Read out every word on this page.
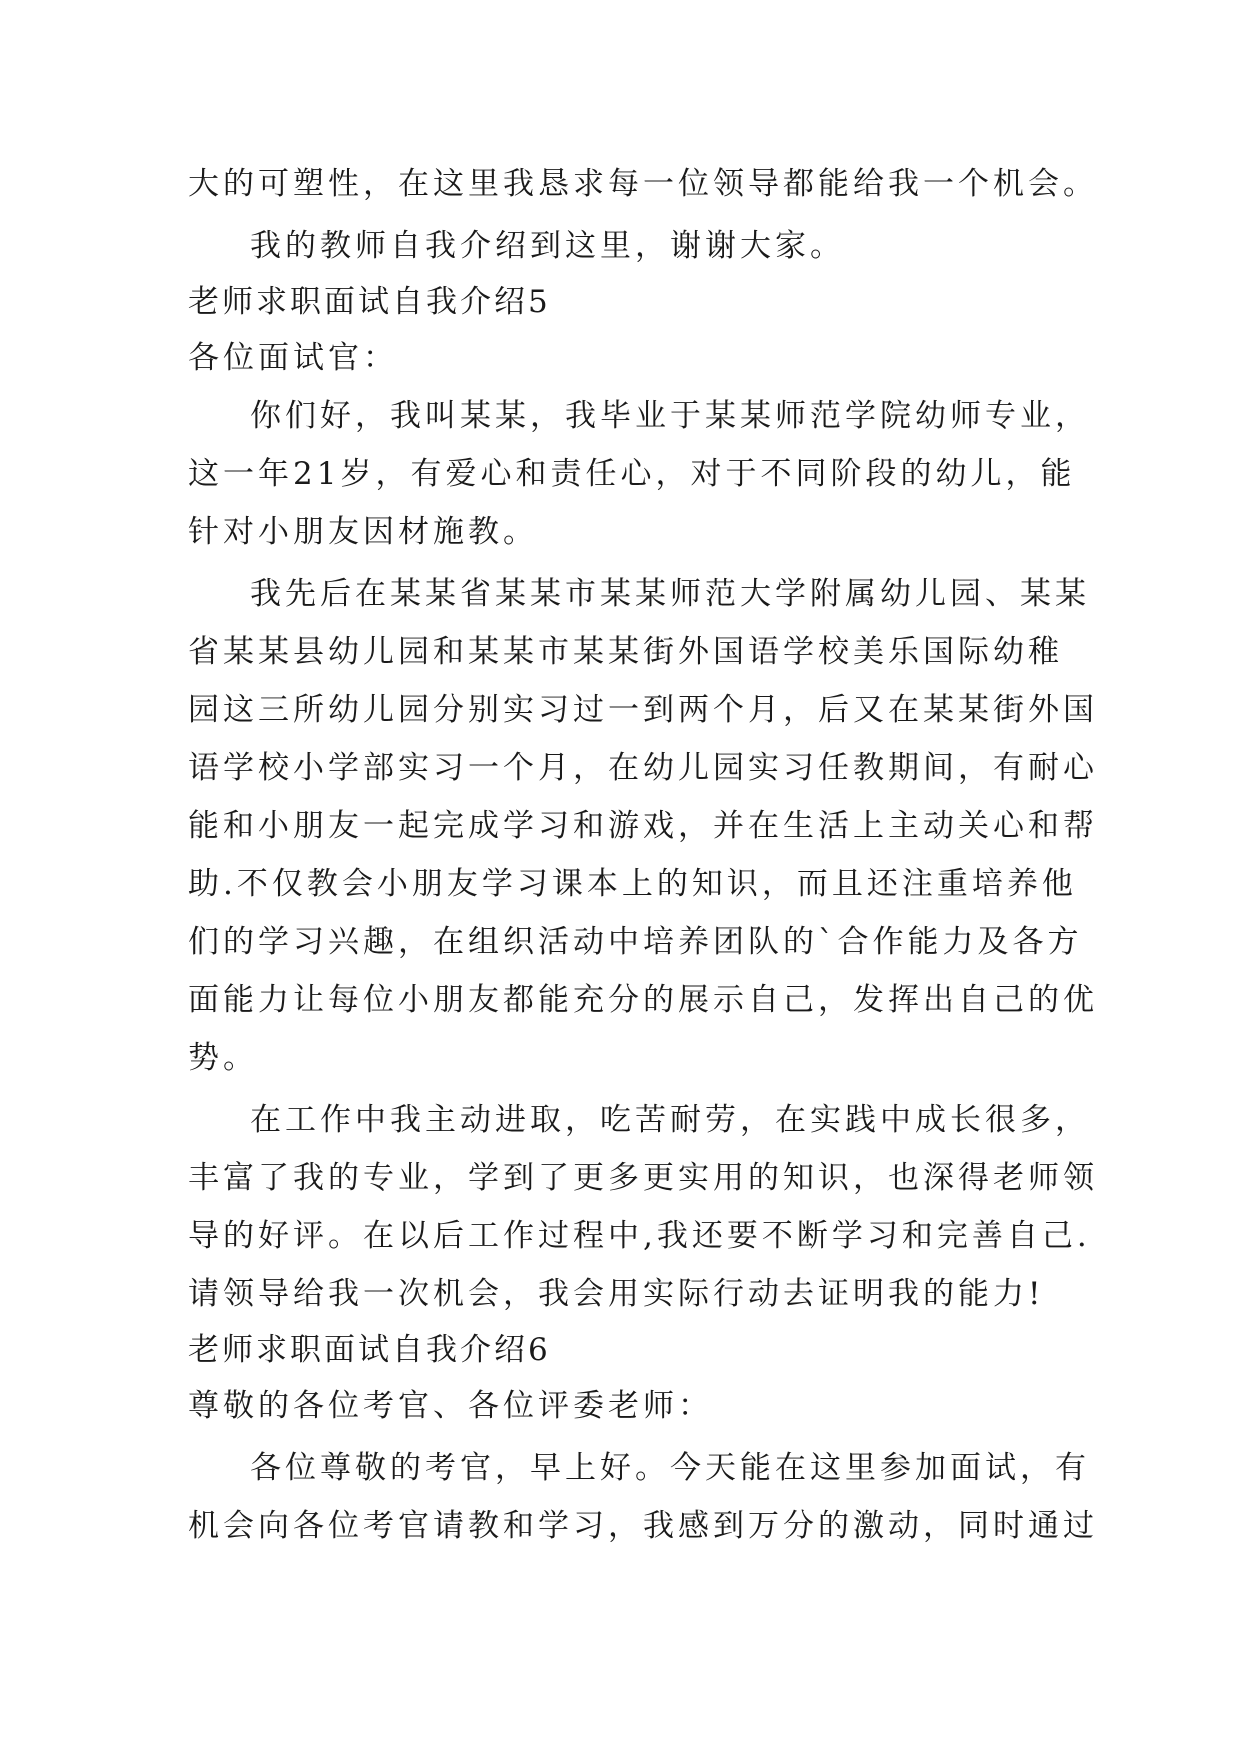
大的可塑性，在这里我恳求每一位领导都能给我一个机会。
我的教师自我介绍到这里，谢谢大家。
老师求职面试自我介绍5
各位面试官：
你们好，我叫某某，我毕业于某某师范学院幼师专业，
这一年21岁，有爱心和责任心，对于不同阶段的幼儿，能
针对小朋友因材施教。
我先后在某某省某某市某某师范大学附属幼儿园、某某
省某某县幼儿园和某某市某某街外国语学校美乐国际幼稚
园这三所幼儿园分别实习过一到两个月，后又在某某街外国
语学校小学部实习一个月，在幼儿园实习任教期间，有耐心
能和小朋友一起完成学习和游戏，并在生活上主动关心和帮
助.不仅教会小朋友学习课本上的知识，而且还注重培养他
们的学习兴趣，在组织活动中培养团队的`合作能力及各方
面能力让每位小朋友都能充分的展示自己，发挥出自己的优
势。
在工作中我主动进取，吃苦耐劳，在实践中成长很多，
丰富了我的专业，学到了更多更实用的知识，也深得老师领
导的好评。在以后工作过程中,我还要不断学习和完善自己.
请领导给我一次机会，我会用实际行动去证明我的能力!
老师求职面试自我介绍6
尊敬的各位考官、各位评委老师：
各位尊敬的考官，早上好。今天能在这里参加面试，有
机会向各位考官请教和学习，我感到万分的激动，同时通过
